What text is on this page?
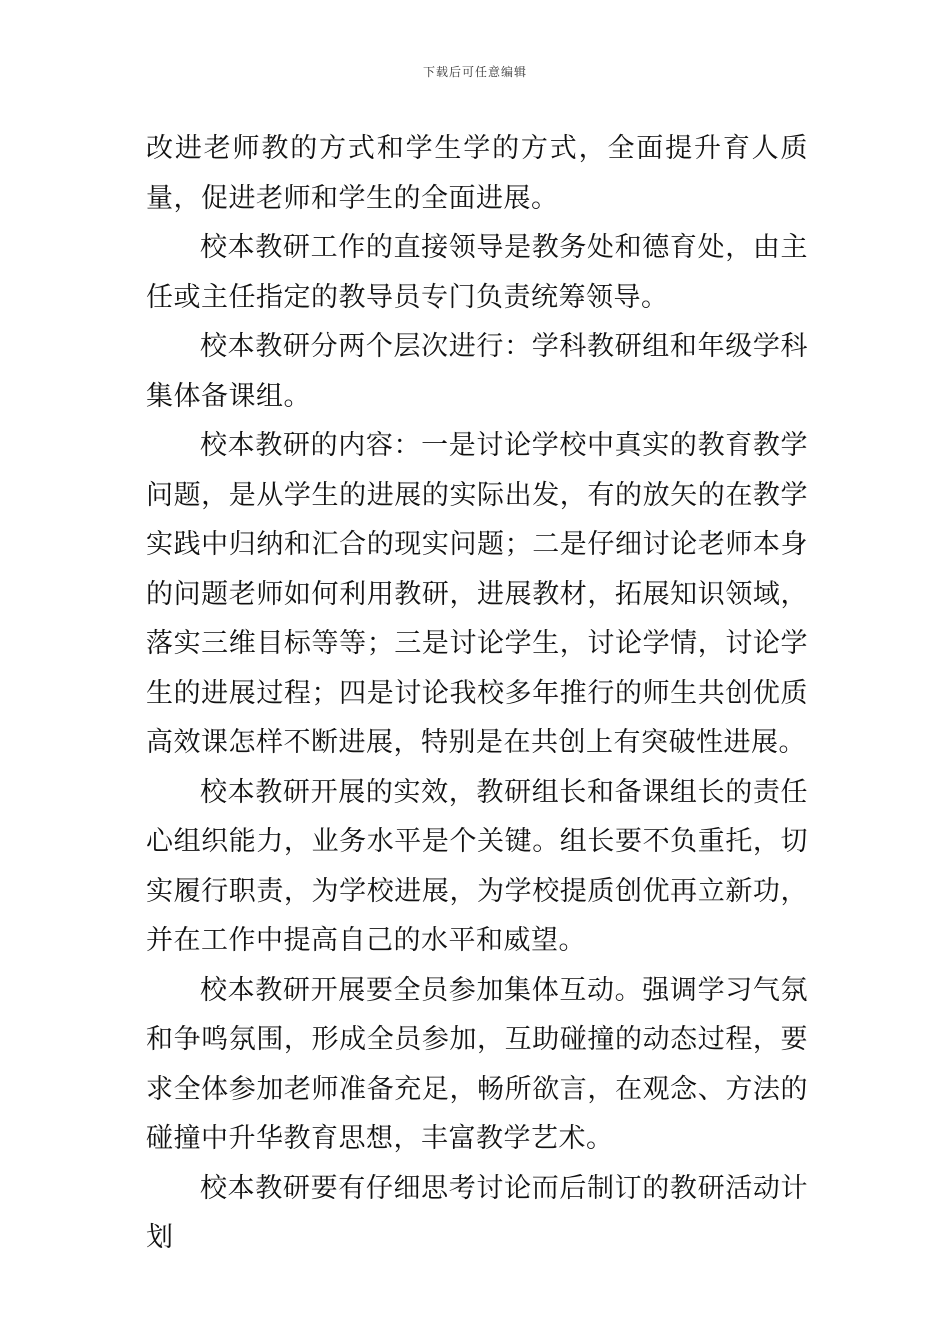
下载后可任意编辑

改进老师教的方式和学生学的方式，全面提升育人质量，促进老师和学生的全面进展。

校本教研工作的直接领导是教务处和德育处，由主任或主任指定的教导员专门负责统筹领导。

校本教研分两个层次进行：学科教研组和年级学科集体备课组。

校本教研的内容：一是讨论学校中真实的教育教学问题，是从学生的进展的实际出发，有的放矢的在教学实践中归纳和汇合的现实问题；二是仔细讨论老师本身的问题老师如何利用教研，进展教材，拓展知识领域，落实三维目标等等；三是讨论学生，讨论学情，讨论学生的进展过程；四是讨论我校多年推行的师生共创优质高效课怎样不断进展，特别是在共创上有突破性进展。

校本教研开展的实效，教研组长和备课组长的责任心组织能力，业务水平是个关键。组长要不负重托，切实履行职责，为学校进展，为学校提质创优再立新功，并在工作中提高自己的水平和威望。

校本教研开展要全员参加集体互动。强调学习气氛和争鸣氛围，形成全员参加，互助碰撞的动态过程，要求全体参加老师准备充足，畅所欲言，在观念、方法的碰撞中升华教育思想，丰富教学艺术。

校本教研要有仔细思考讨论而后制订的教研活动计划
